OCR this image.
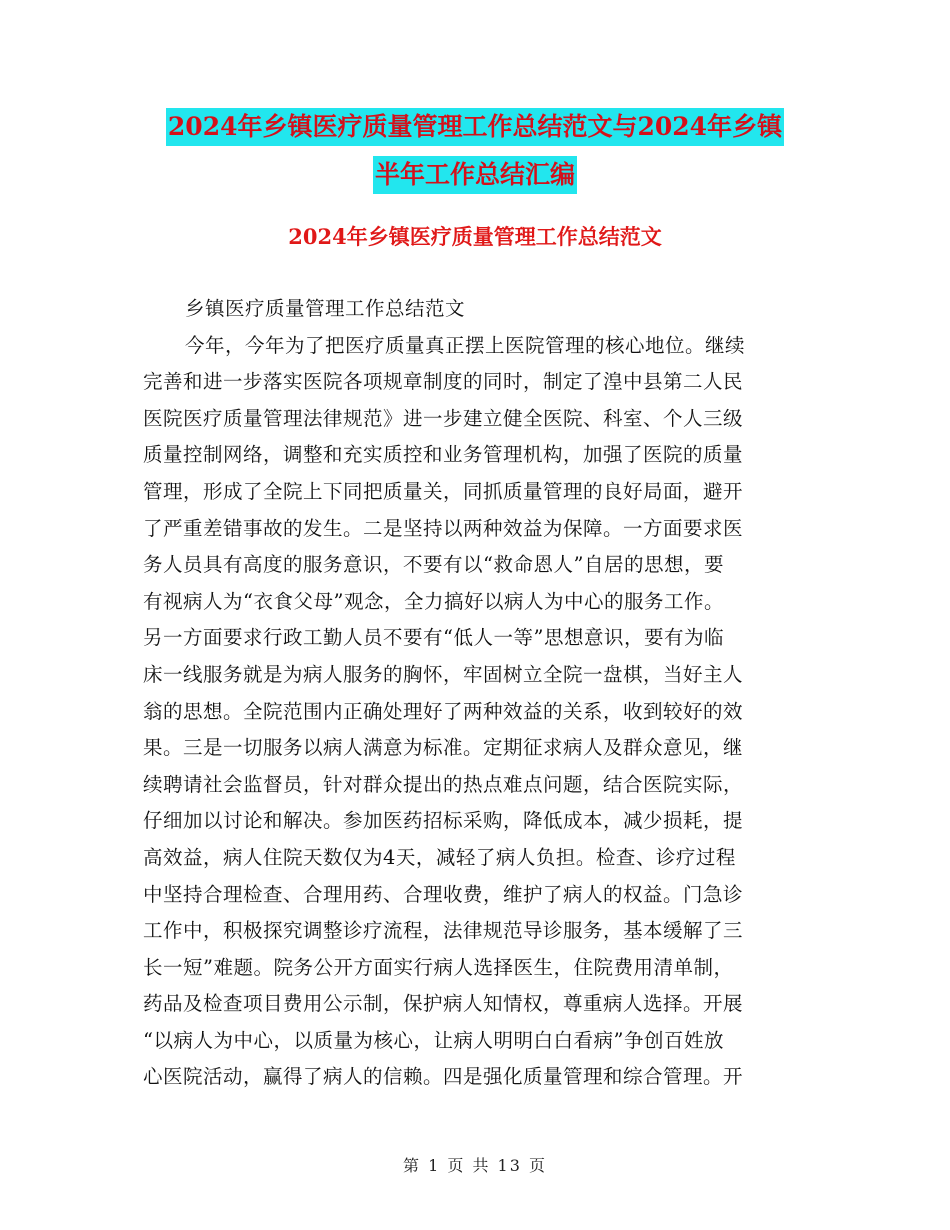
2024年乡镇医疗质量管理工作总结范文与2024年乡镇
半年工作总结汇编
2024年乡镇医疗质量管理工作总结范文
乡镇医疗质量管理工作总结范文
今年，今年为了把医疗质量真正摆上医院管理的核心地位。继续
完善和进一步落实医院各项规章制度的同时，制定了湟中县第二人民
医院医疗质量管理法律规范》进一步建立健全医院、科室、个人三级
质量控制网络，调整和充实质控和业务管理机构，加强了医院的质量
管理，形成了全院上下同把质量关，同抓质量管理的良好局面，避开
了严重差错事故的发生。二是坚持以两种效益为保障。一方面要求医
务人员具有高度的服务意识，不要有以“救命恩人”自居的思想，要
有视病人为“衣食父母”观念，全力搞好以病人为中心的服务工作。
另一方面要求行政工勤人员不要有“低人一等”思想意识，要有为临
床一线服务就是为病人服务的胸怀，牢固树立全院一盘棋，当好主人
翁的思想。全院范围内正确处理好了两种效益的关系，收到较好的效
果。三是一切服务以病人满意为标准。定期征求病人及群众意见，继
续聘请社会监督员，针对群众提出的热点难点问题，结合医院实际，
仔细加以讨论和解决。参加医药招标采购，降低成本，减少损耗，提
高效益，病人住院天数仅为4天，减轻了病人负担。检查、诊疗过程
中坚持合理检查、合理用药、合理收费，维护了病人的权益。门急诊
工作中，积极探究调整诊疗流程，法律规范导诊服务，基本缓解了三
长一短”难题。院务公开方面实行病人选择医生，住院费用清单制，
药品及检查项目费用公示制，保护病人知情权，尊重病人选择。开展
“以病人为中心，以质量为核心，让病人明明白白看病”争创百姓放
心医院活动，赢得了病人的信赖。四是强化质量管理和综合管理。开
第 1 页 共 13 页
